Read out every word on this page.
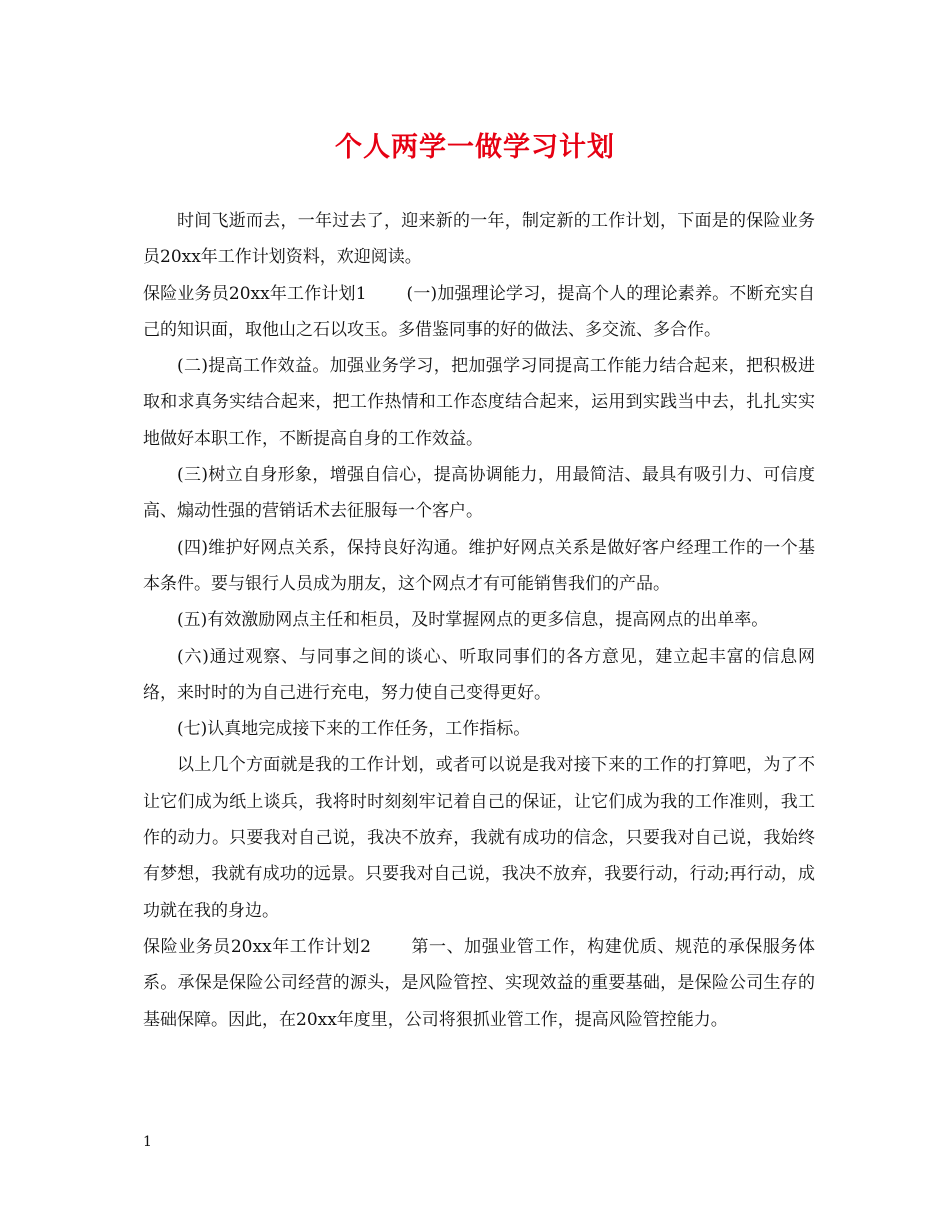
个人两学一做学习计划

时间飞逝而去，一年过去了，迎来新的一年，制定新的工作计划，下面是的保险业务员20xx年工作计划资料，欢迎阅读。

保险业务员20xx年工作计划1 (一)加强理论学习，提高个人的理论素养。不断充实自己的知识面，取他山之石以攻玉。多借鉴同事的好的做法、多交流、多合作。

(二)提高工作效益。加强业务学习，把加强学习同提高工作能力结合起来，把积极进取和求真务实结合起来，把工作热情和工作态度结合起来，运用到实践当中去，扎扎实实地做好本职工作，不断提高自身的工作效益。

(三)树立自身形象，增强自信心，提高协调能力，用最简洁、最具有吸引力、可信度高、煽动性强的营销话术去征服每一个客户。

(四)维护好网点关系，保持良好沟通。维护好网点关系是做好客户经理工作的一个基本条件。要与银行人员成为朋友，这个网点才有可能销售我们的产品。

(五)有效激励网点主任和柜员，及时掌握网点的更多信息，提高网点的出单率。

(六)通过观察、与同事之间的谈心、听取同事们的各方意见，建立起丰富的信息网络，来时时的为自己进行充电，努力使自己变得更好。

(七)认真地完成接下来的工作任务，工作指标。

以上几个方面就是我的工作计划，或者可以说是我对接下来的工作的打算吧，为了不让它们成为纸上谈兵，我将时时刻刻牢记着自己的保证，让它们成为我的工作准则，我工作的动力。只要我对自己说，我决不放弃，我就有成功的信念，只要我对自己说，我始终有梦想，我就有成功的远景。只要我对自己说，我决不放弃，我要行动，行动;再行动，成功就在我的身边。

保险业务员20xx年工作计划2 第一、加强业管工作，构建优质、规范的承保服务体系。承保是保险公司经营的源头，是风险管控、实现效益的重要基础，是保险公司生存的基础保障。因此，在20xx年度里，公司将狠抓业管工作，提高风险管控能力。

1
